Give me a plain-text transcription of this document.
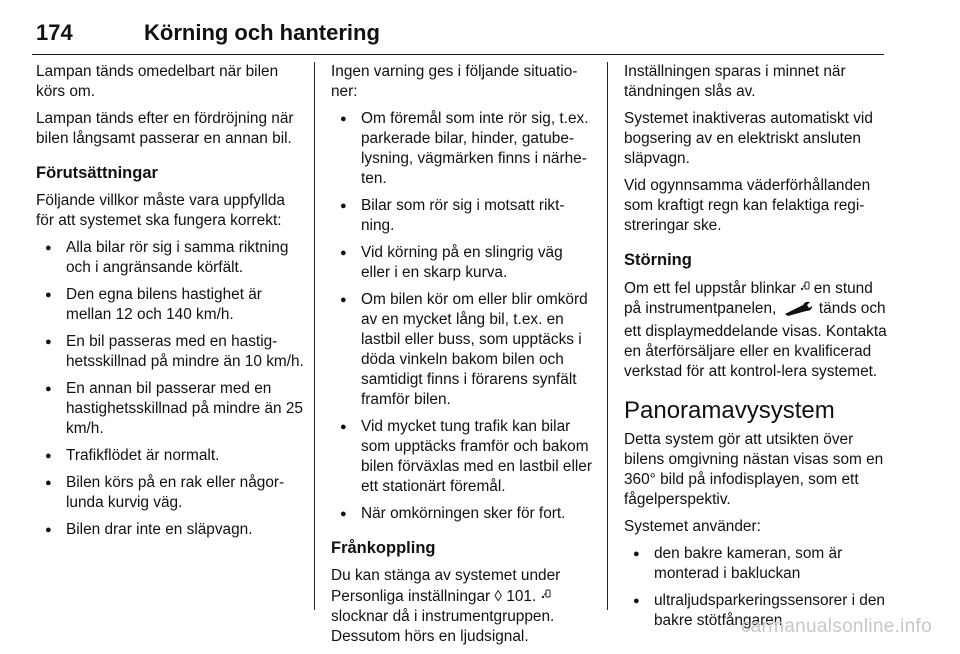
174	Körning och hantering

Lampan tänds omedelbart när bilen körs om.

Lampan tänds efter en fördröjning när bilen långsamt passerar en annan bil.

Förutsättningar

Följande villkor måste vara uppfyllda för att systemet ska fungera korrekt:

● Alla bilar rör sig i samma riktning och i angränsande körfält.
● Den egna bilens hastighet är mellan 12 och 140 km/h.
● En bil passeras med en hastig-hetsskillnad på mindre än 10 km/h.
● En annan bil passerar med en hastighetsskillnad på mindre än 25 km/h.
● Trafikflödet är normalt.
● Bilen körs på en rak eller någor-lunda kurvig väg.
● Bilen drar inte en släpvagn.

Ingen varning ges i följande situatio-ner:

● Om föremål som inte rör sig, t.ex. parkerade bilar, hinder, gatube-lysning, vägmärken finns i närhe-ten.
● Bilar som rör sig i motsatt rikt-ning.
● Vid körning på en slingrig väg eller i en skarp kurva.
● Om bilen kör om eller blir omkörd av en mycket lång bil, t.ex. en lastbil eller buss, som upptäcks i döda vinkeln bakom bilen och samtidigt finns i förarens synfält framför bilen.
● Vid mycket tung trafik kan bilar som upptäcks framför och bakom bilen förväxlas med en lastbil eller ett stationärt föremål.
● När omkörningen sker för fort.
Frånkoppling

Du kan stänga av systemet under Personliga inställningar ◊ 101.  slocknar då i instrumentgruppen. Dessutom hörs en ljudsignal.

Inställningen sparas i minnet när tändningen slås av.

Systemet inaktiveras automatiskt vid bogsering av en elektriskt ansluten släpvagn.

Vid ogynnsamma väderförhållanden som kraftigt regn kan felaktiga regi-streringar ske.

Störning

Om ett fel uppstår blinkar en stund på instrumentpanelen,	tänds och ett displaymeddelande visas. Kontakta en återförsäljare eller en kvalificerad verkstad för att kontrol-lera systemet.

Panoramavysystem

Detta system gör att utsikten över bilens omgivning nästan visas som en 360° bild på infodisplayen, som ett fågelperspektiv.

Systemet använder:

● den bakre kameran, som är monterad i bakluckan
● ultraljudsparkeringssensorer i den bakre stötfångaren
carmanualsonline.info
